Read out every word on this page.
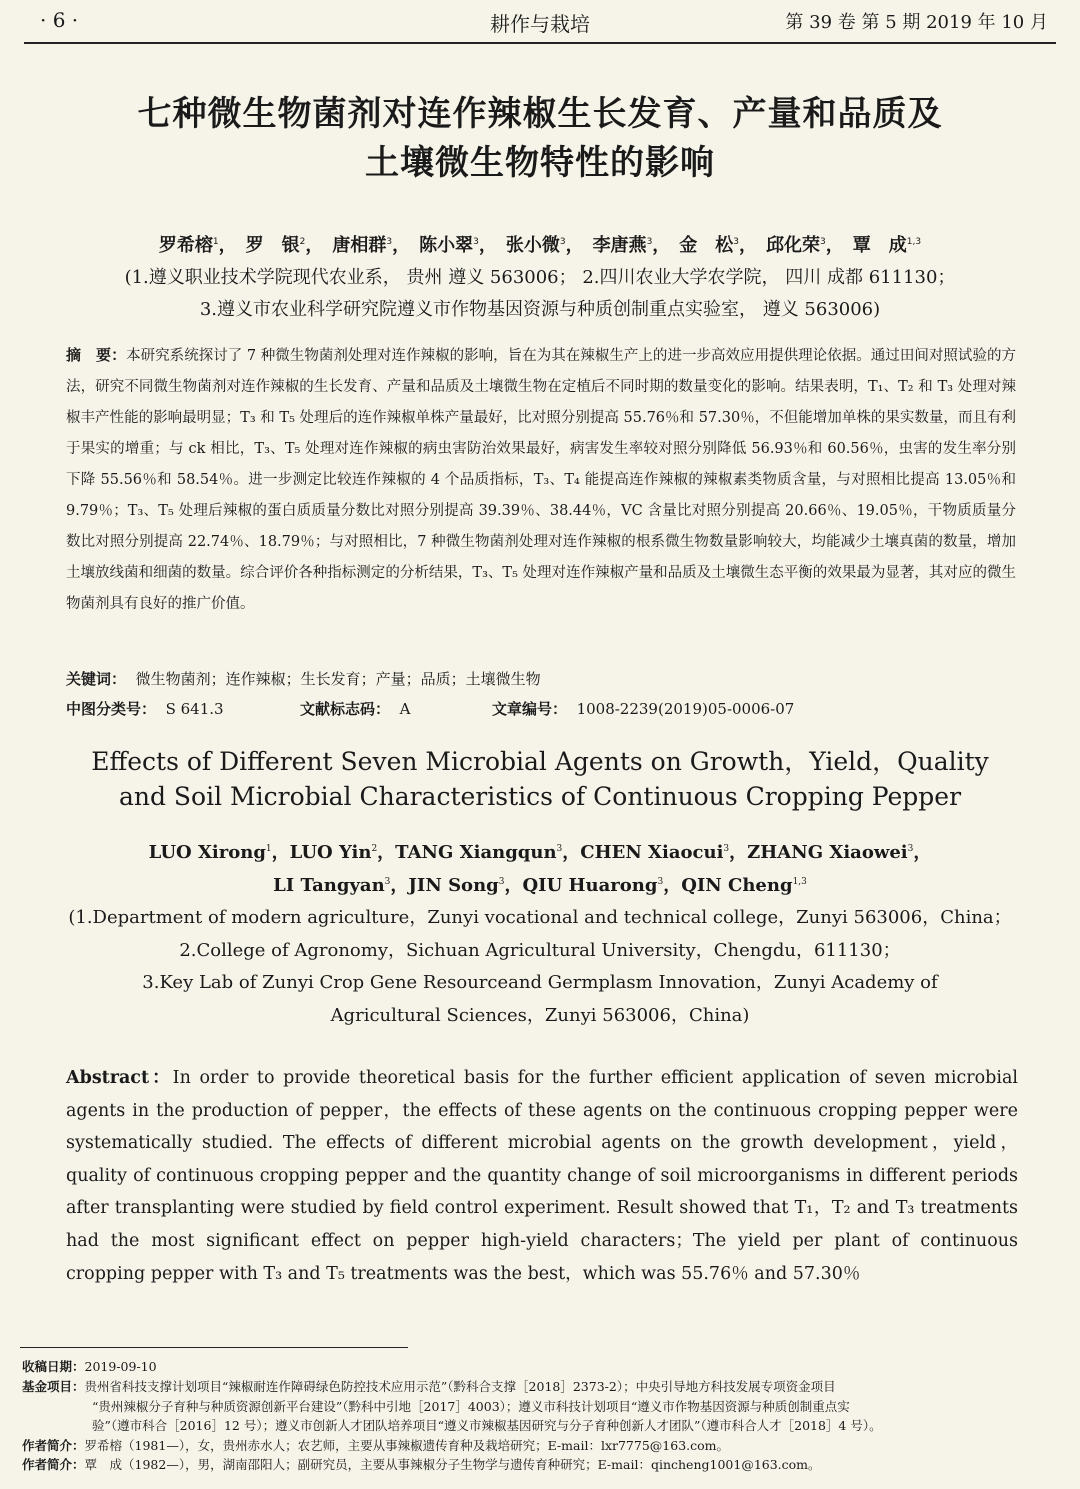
· 6 ·	耕作与栽培	第 39 卷 第 5 期 2019 年 10 月
七种微生物菌剂对连作辣椒生长发育、产量和品质及
土壤微生物特性的影响
罗希榕$^1$，　罗　银$^2$，　唐相群$^3$，　陈小翠$^3$，　张小微$^3$，　李唐燕$^3$，　金　松$^3$，　邱化荣$^3$，　覃　成$^{1,3}$
(1.遵义职业技术学院现代农业系， 贵州 遵义 563006； 2.四川农业大学农学院， 四川 成都 611130；
3.遵义市农业科学研究院遵义市作物基因资源与种质创制重点实验室， 遵义 563006)
摘　要：本研究系统探讨了 7 种微生物菌剂处理对连作辣椒的影响，旨在为其在辣椒生产上的进一步高效应用提供理论依据。通过田间对照试验的方法，研究不同微生物菌剂对连作辣椒的生长发育、产量和品质及土壤微生物在定植后不同时期的数量变化的影响。结果表明，T₁、T₂ 和 T₃ 处理对辣椒丰产性能的影响最明显；T₃ 和 T₅ 处理后的连作辣椒单株产量最好，比对照分别提高 55.76％和 57.30％，不但能增加单株的果实数量，而且有利于果实的增重；与 ck 相比，T₃、T₅ 处理对连作辣椒的病虫害防治效果最好，病害发生率较对照分别降低 56.93％和 60.56％，虫害的发生率分别下降 55.56％和 58.54％。进一步测定比较连作辣椒的 4 个品质指标，T₃、T₄ 能提高连作辣椒的辣椒素类物质含量，与对照相比提高 13.05％和 9.79％；T₃、T₅ 处理后辣椒的蛋白质质量分数比对照分别提高 39.39％、38.44％，VC 含量比对照分别提高 20.66％、19.05％，干物质质量分数比对照分别提高 22.74％、18.79％；与对照相比，7 种微生物菌剂处理对连作辣椒的根系微生物数量影响较大，均能减少土壤真菌的数量，增加土壤放线菌和细菌的数量。综合评价各种指标测定的分析结果，T₃、T₅ 处理对连作辣椒产量和品质及土壤微生态平衡的效果最为显著，其对应的微生物菌剂具有良好的推广价值。
关键词： 微生物菌剂；连作辣椒；生长发育；产量；品质；土壤微生物
中图分类号： S 641.3	文献标志码： A	文章编号： 1008-2239(2019)05-0006-07
Effects of Different Seven Microbial Agents on Growth，Yield，Quality
and Soil Microbial Characteristics of Continuous Cropping Pepper
LUO Xirong$^1$，LUO Yin$^2$，TANG Xiangqun$^3$，CHEN Xiaocui$^3$，ZHANG Xiaowei$^3$，
LI Tangyan$^3$，JIN Song$^3$，QIU Huarong$^3$，QIN Cheng$^{1,3}$
(1.Department of modern agriculture，Zunyi vocational and technical college，Zunyi 563006，China；
2.College of Agronomy，Sichuan Agricultural University，Chengdu，611130；
3.Key Lab of Zunyi Crop Gene Resourceand Germplasm Innovation，Zunyi Academy of
Agricultural Sciences，Zunyi 563006，China)
Abstract：In order to provide theoretical basis for the further efficient application of seven microbial agents in the production of pepper，the effects of these agents on the continuous cropping pepper were systematically studied. The effects of different microbial agents on the growth development，yield，quality of continuous cropping pepper and the quantity change of soil microorganisms in different periods after transplanting were studied by field control experiment. Result showed that T₁，T₂ and T₃ treatments had the most significant effect on pepper high-yield characters；The yield per plant of continuous cropping pepper with T₃ and T₅ treatments was the best，which was 55.76％ and 57.30％
收稿日期：2019-09-10
基金项目：贵州省科技支撑计划项目“辣椒耐连作障碍绿色防控技术应用示范”（黔科合支撑［2018］2373-2）；中央引导地方科技发展专项资金项目
“贵州辣椒分子育种与种质资源创新平台建设”（黔科中引地［2017］4003）；遵义市科技计划项目“遵义市作物基因资源与种质创制重点实
验”（遵市科合［2016］12 号）；遵义市创新人才团队培养项目“遵义市辣椒基因研究与分子育种创新人才团队”（遵市科合人才［2018］4 号）。
作者简介：罗希榕（1981—），女，贵州赤水人；农艺师，主要从事辣椒遗传育种及栽培研究；E-mail：lxr7775@163.com。
作者简介：覃　成（1982—），男，湖南邵阳人；副研究员，主要从事辣椒分子生物学与遗传育种研究；E-mail：qincheng1001@163.com。
